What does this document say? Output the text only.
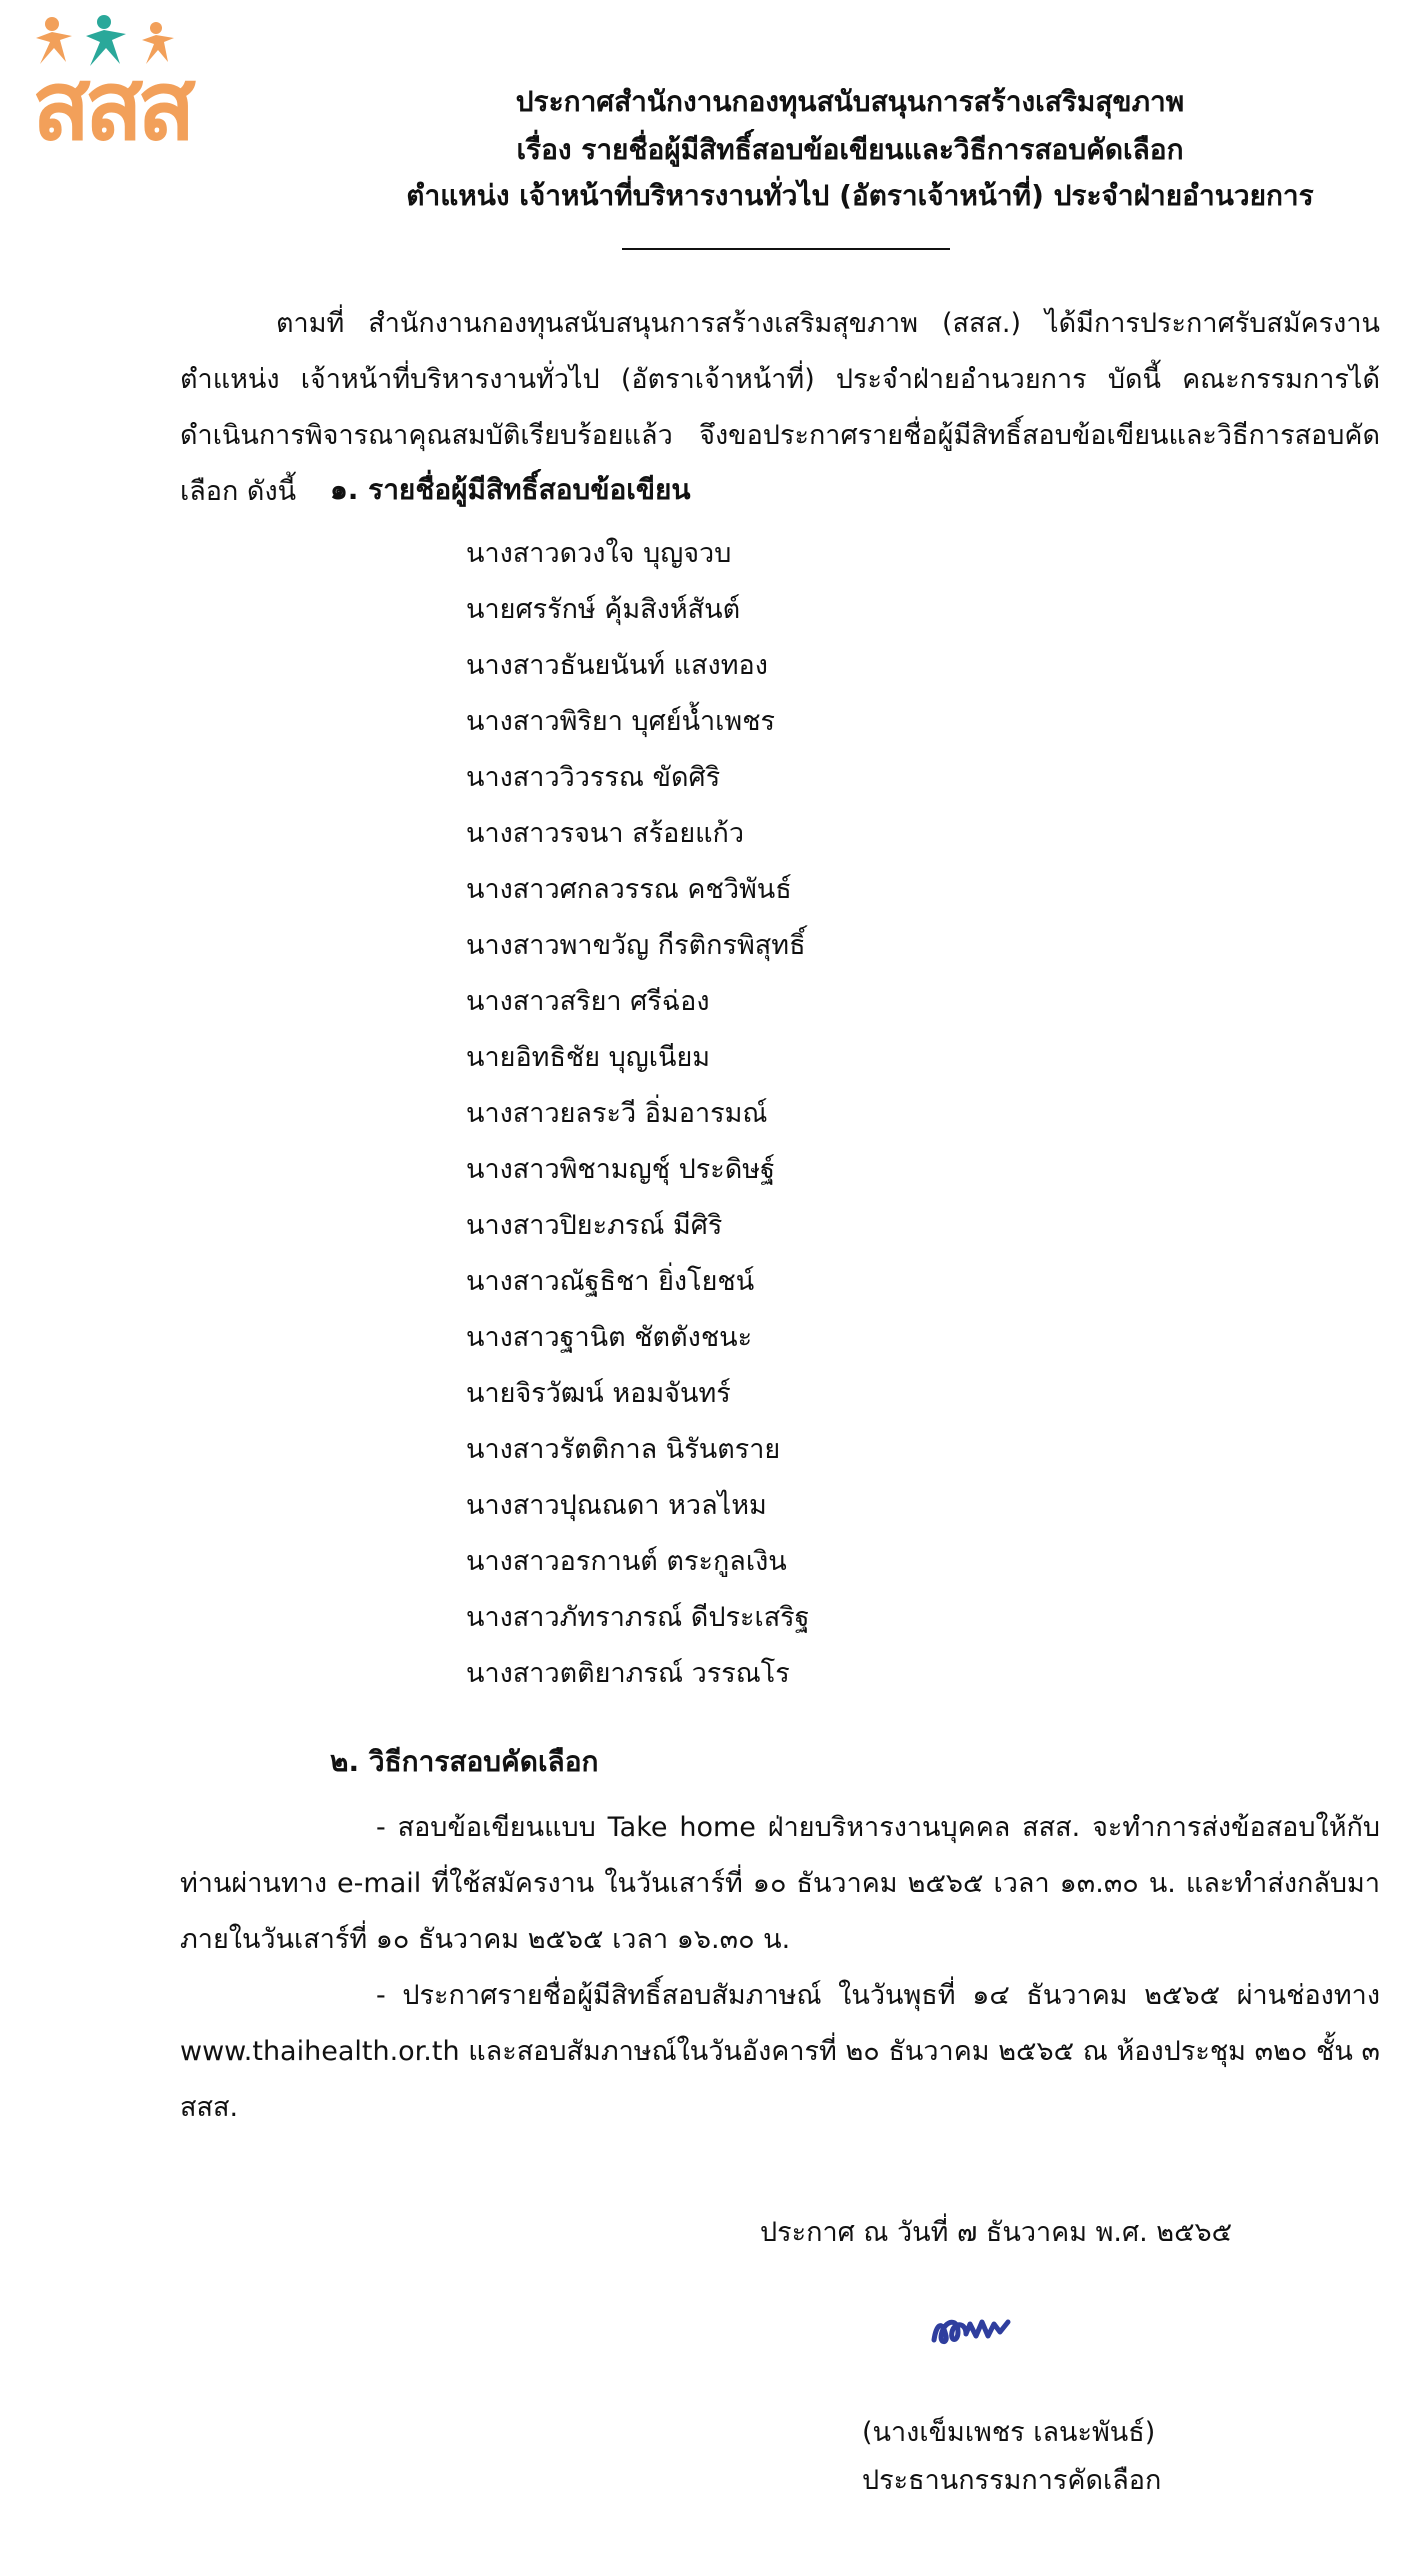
สสส	ประกาศสำนักงานกองทุนสนับสนุนการสร้างเสริมสุขภาพ
เรื่อง รายชื่อผู้มีสิทธิ์สอบข้อเขียนและวิธีการสอบคัดเลือก
ตำแหน่ง เจ้าหน้าที่บริหารงานทั่วไป (อัตราเจ้าหน้าที่) ประจำฝ่ายอำนวยการ

ตามที่ สำนักงานกองทุนสนับสนุนการสร้างเสริมสุขภาพ (สสส.) ได้มีการประกาศรับสมัครงาน ตำแหน่ง เจ้าหน้าที่บริหารงานทั่วไป (อัตราเจ้าหน้าที่) ประจำฝ่ายอำนวยการ บัดนี้ คณะกรรมการได้ดำเนินการพิจารณาคุณสมบัติเรียบร้อยแล้ว จึงขอประกาศรายชื่อผู้มีสิทธิ์สอบข้อเขียนและวิธีการสอบคัดเลือก ดังนี้	๑. รายชื่อผู้มีสิทธิ์สอบข้อเขียน
นางสาวดวงใจ บุญจวบ
นายศรรักษ์ คุ้มสิงห์สันต์
นางสาวธันยนันท์ แสงทอง
นางสาวพิริยา บุศย์น้ำเพชร
นางสาววิวรรณ ขัดศิริ
นางสาวรจนา สร้อยแก้ว
นางสาวศกลวรรณ คชวิพันธ์
นางสาวพาขวัญ กีรติกรพิสุทธิ์
นางสาวสริยา ศรีฉ่อง
นายอิทธิชัย บุญเนียม
นางสาวยลระวี อิ่มอารมณ์
นางสาวพิชามญชุ์ ประดิษฐ์
นางสาวปิยะภรณ์ มีศิริ
นางสาวณัฐธิชา ยิ่งโยชน์
นางสาวฐานิต ชัตตังชนะ
นายจิรวัฒน์ หอมจันทร์
นางสาวรัตติกาล นิรันตราย
นางสาวปุณณดา หวลไหม
นางสาวอรกานต์ ตระกูลเงิน
นางสาวภัทราภรณ์ ดีประเสริฐ
นางสาวตติยาภรณ์ วรรณโร
๒. วิธีการสอบคัดเลือก

- สอบข้อเขียนแบบ Take home ฝ่ายบริหารงานบุคคล สสส. จะทำการส่งข้อสอบให้กับท่านผ่านทาง e-mail ที่ใช้สมัครงาน ในวันเสาร์ที่ ๑๐ ธันวาคม ๒๕๖๕ เวลา ๑๓.๓๐ น. และทำส่งกลับมาภายในวันเสาร์ที่ ๑๐ ธันวาคม ๒๕๖๕ เวลา ๑๖.๓๐ น.

- ประกาศรายชื่อผู้มีสิทธิ์สอบสัมภาษณ์ ในวันพุธที่ ๑๔ ธันวาคม ๒๕๖๕ ผ่านช่องทาง www.thaihealth.or.th และสอบสัมภาษณ์ในวันอังคารที่ ๒๐ ธันวาคม ๒๕๖๕ ณ ห้องประชุม ๓๒๐ ชั้น ๓ สสส.

ประกาศ ณ วันที่ ๗ ธันวาคม พ.ศ. ๒๕๖๕
(นางเข็มเพชร เลนะพันธ์)
ประธานกรรมการคัดเลือก
